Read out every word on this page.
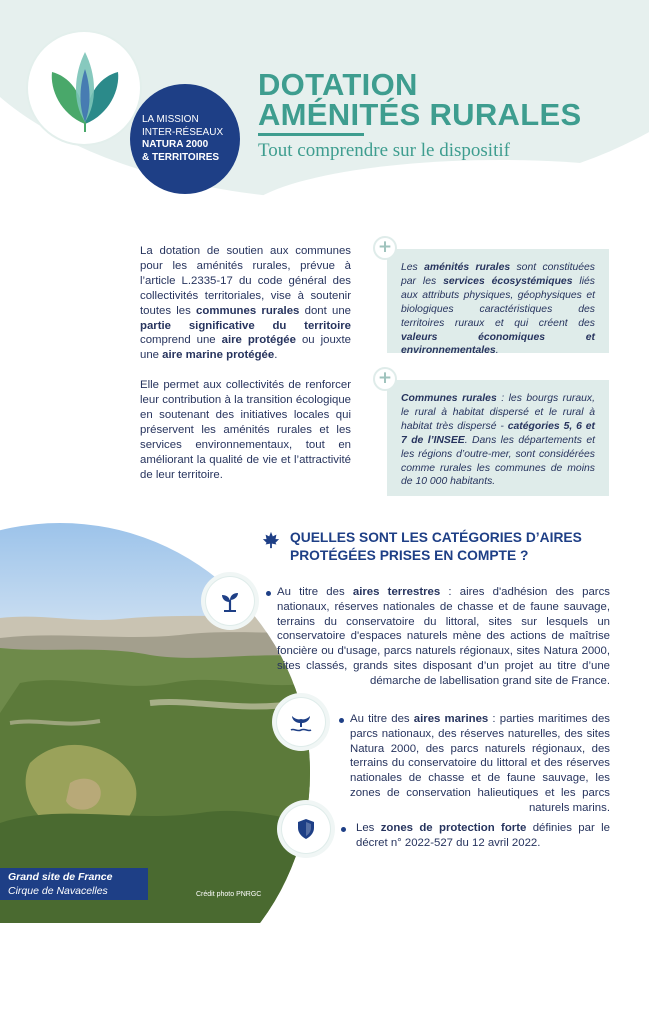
LA MISSION
INTER-RÉSEAUX
NATURA 2000
& TERRITOIRES
DOTATION
AMÉNITÉS RURALES
Tout comprendre sur le dispositif

La dotation de soutien aux communes pour les aménités rurales, prévue à l’article L.2335-17 du code général des collectivités territoriales, vise à soutenir toutes les communes rurales dont une partie significative du territoire comprend une aire protégée ou jouxte une aire marine protégée.

Elle permet aux collectivités de renforcer leur contribution à la transition écologique en soutenant des initiatives locales qui préservent les aménités rurales et les services environnementaux, tout en améliorant la qualité de vie et l’attractivité de leur territoire.

Les aménités rurales sont constituées par les services écosystémiques liés aux attributs physiques, géophysiques et biologiques caractéristiques des territoires ruraux et qui créent des valeurs économiques et environnementales.
+
Communes rurales : les bourgs ruraux, le rural à habitat dispersé et le rural à habitat très dispersé - catégories 5, 6 et 7 de l’INSEE. Dans les départements et les régions d’outre-mer, sont considérées comme rurales les communes de moins de 10 000 habitants.
+
Grand site de France
Cirque de Navacelles	Crédit photo PNRGC
QUELLES SONT LES CATÉGORIES D’AIRES
PROTÉGÉES PRISES EN COMPTE ?
Au titre des aires terrestres : aires d'adhésion des parcs nationaux, réserves nationales de chasse et de faune sauvage, terrains du conservatoire du littoral, sites sur lesquels un conservatoire d'espaces naturels mène des actions de maîtrise foncière ou d'usage, parcs naturels régionaux, sites Natura 2000, sites classés, grands sites disposant d’un projet au titre d’une démarche de labellisation grand site de France.
Au titre des aires marines : parties maritimes des parcs nationaux, des réserves naturelles, des sites Natura 2000, des parcs naturels régionaux, des terrains du conservatoire du littoral et des réserves nationales de chasse et de faune sauvage, les zones de conservation halieutiques et les parcs naturels marins.
Les zones de protection forte définies par le décret n° 2022-527 du 12 avril 2022.
